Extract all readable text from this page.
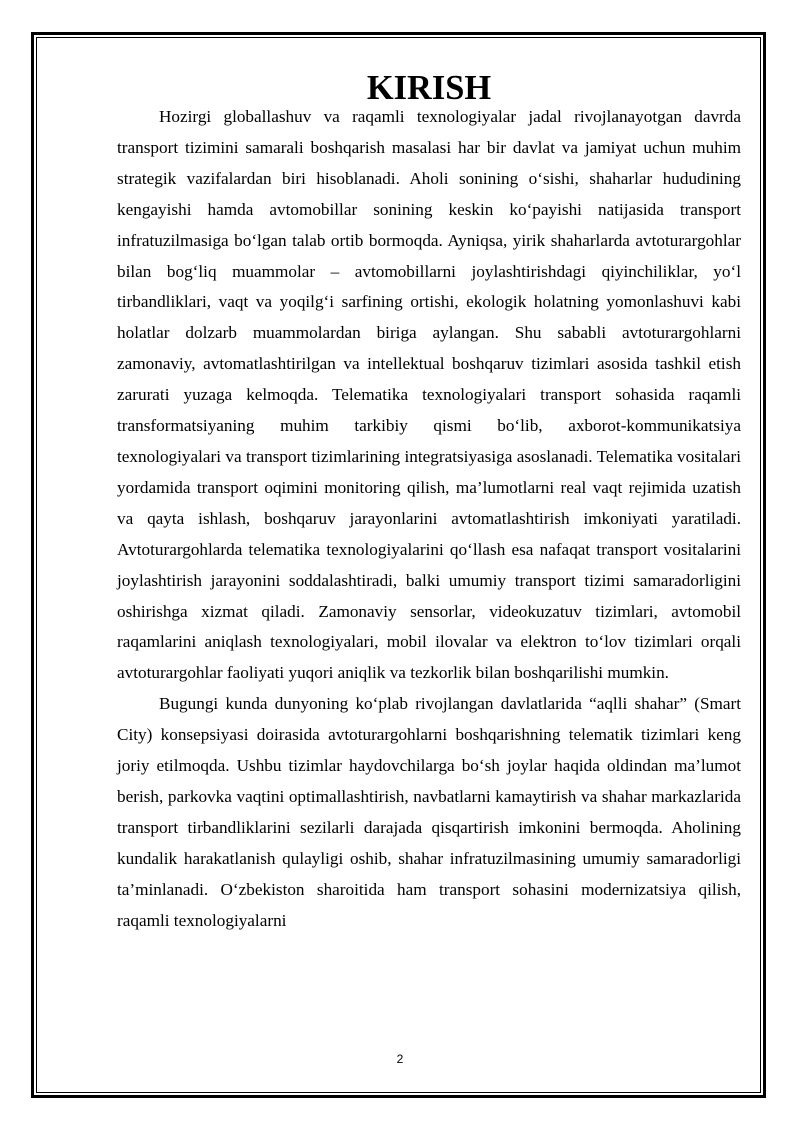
KIRISH

Hozirgi globallashuv va raqamli texnologiyalar jadal rivojlanayotgan davrda transport tizimini samarali boshqarish masalasi har bir davlat va jamiyat uchun muhim strategik vazifalardan biri hisoblanadi. Aholi sonining o‘sishi, shaharlar hududining kengayishi hamda avtomobillar sonining keskin ko‘payishi natijasida transport infratuzilmasiga bo‘lgan talab ortib bormoqda. Ayniqsa, yirik shaharlarda avtoturargohlar bilan bog‘liq muammolar – avtomobillarni joylashtirishdagi qiyinchiliklar, yo‘l tirbandliklari, vaqt va yoqilg‘i sarfining ortishi, ekologik holatning yomonlashuvi kabi holatlar dolzarb muammolardan biriga aylangan. Shu sababli avtoturargohlarni zamonaviy, avtomatlashtirilgan va intellektual boshqaruv tizimlari asosida tashkil etish zarurati yuzaga kelmoqda. Telematika texnologiyalari transport sohasida raqamli transformatsiyaning muhim tarkibiy qismi bo‘lib, axborot-kommunikatsiya texnologiyalari va transport tizimlarining integratsiyasiga asoslanadi. Telematika vositalari yordamida transport oqimini monitoring qilish, ma’lumotlarni real vaqt rejimida uzatish va qayta ishlash, boshqaruv jarayonlarini avtomatlashtirish imkoniyati yaratiladi. Avtoturargohlarda telematika texnologiyalarini qo‘llash esa nafaqat transport vositalarini joylashtirish jarayonini soddalashtiradi, balki umumiy transport tizimi samaradorligini oshirishga xizmat qiladi. Zamonaviy sensorlar, videokuzatuv tizimlari, avtomobil raqamlarini aniqlash texnologiyalari, mobil ilovalar va elektron to‘lov tizimlari orqali avtoturargohlar faoliyati yuqori aniqlik va tezkorlik bilan boshqarilishi mumkin.

Bugungi kunda dunyoning ko‘plab rivojlangan davlatlarida “aqlli shahar” (Smart City) konsepsiyasi doirasida avtoturargohlarni boshqarishning telematik tizimlari keng joriy etilmoqda. Ushbu tizimlar haydovchilarga bo‘sh joylar haqida oldindan ma’lumot berish, parkovka vaqtini optimallashtirish, navbatlarni kamaytirish va shahar markazlarida transport tirbandliklarini sezilarli darajada qisqartirish imkonini bermoqda. Aholining kundalik harakatlanish qulayligi oshib, shahar infratuzilmasining umumiy samaradorligi ta’minlanadi. O‘zbekiston sharoitida ham transport sohasini modernizatsiya qilish, raqamli texnologiyalarni

2
